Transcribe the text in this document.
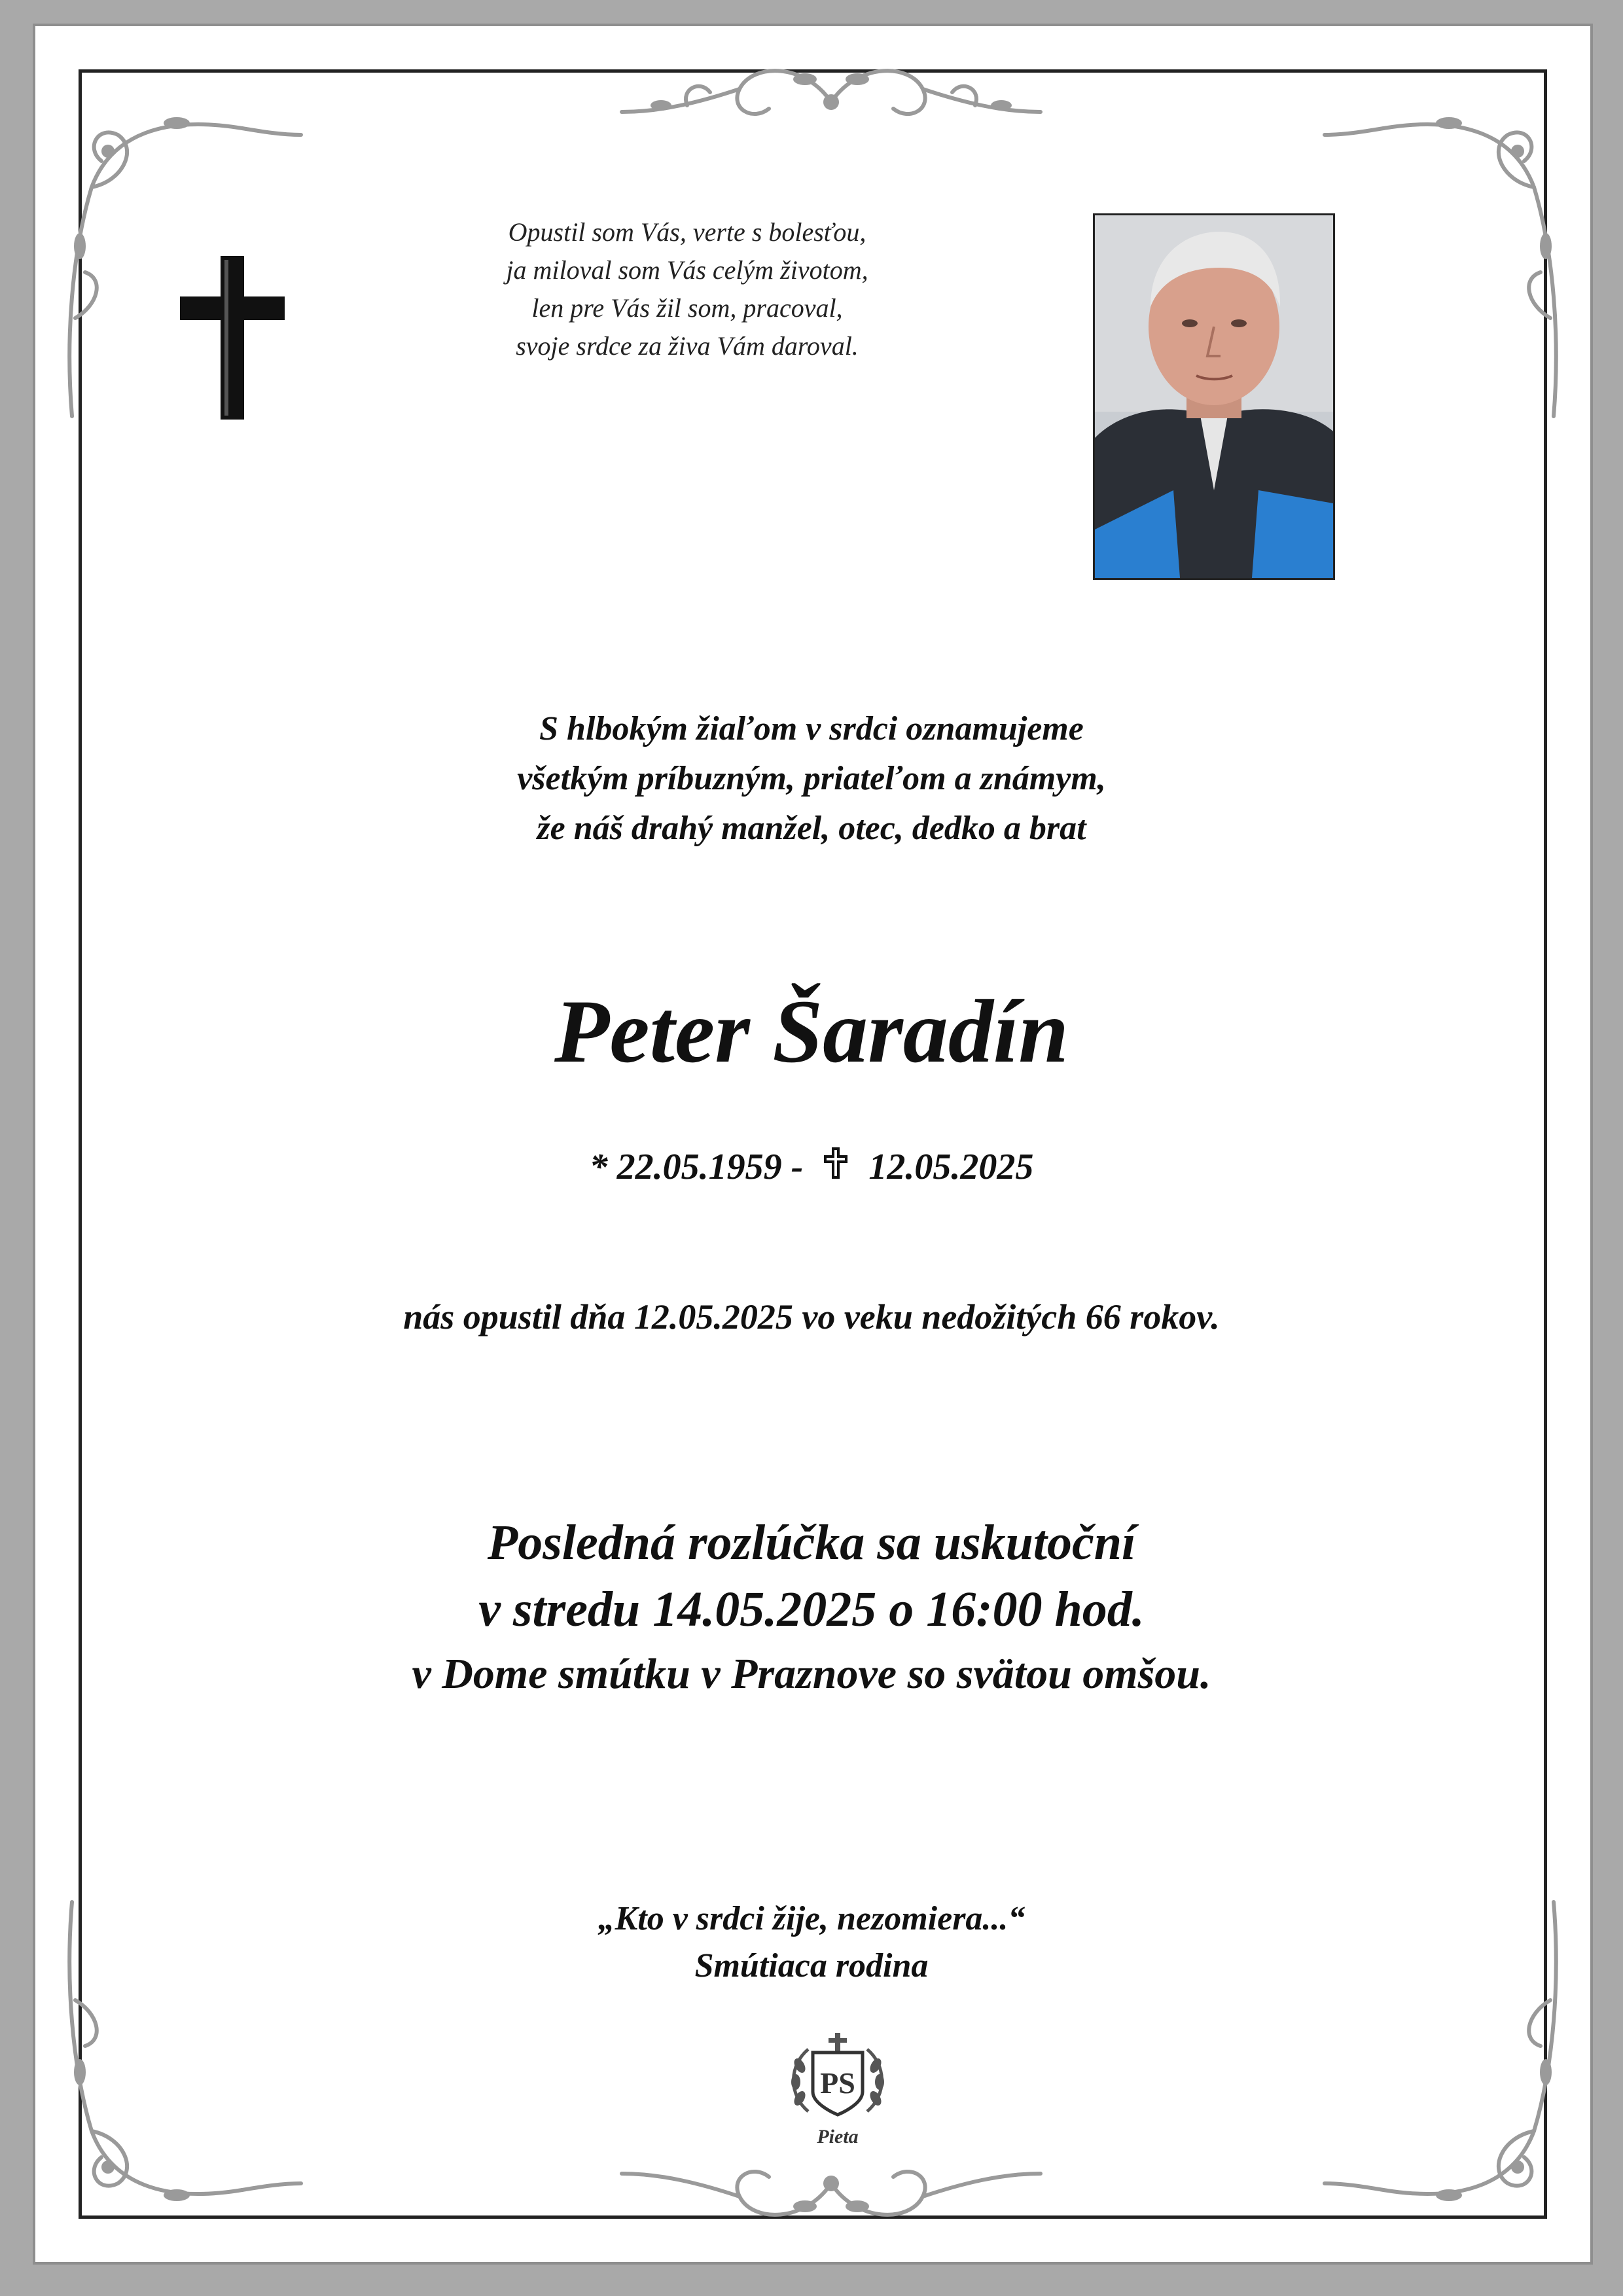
Opustil som Vás, verte s bolesťou,
ja miloval som Vás celým životom,
len pre Vás žil som, pracoval,
svoje srdce za živa Vám daroval.
S hlbokým žiaľom v srdci oznamujeme
všetkým príbuzným, priateľom a známym,
že náš drahý manžel, otec, dedko a brat
Peter Šaradín
* 22.05.1959 - 12.05.2025
nás opustil dňa 12.05.2025 vo veku nedožitých 66 rokov.
Posledná rozlúčka sa uskutoční
v stredu 14.05.2025 o 16:00 hod.
v Dome smútku v Praznove so svätou omšou.
„Kto v srdci žije, nezomiera...“
Smútiaca rodina
PS
Pieta
